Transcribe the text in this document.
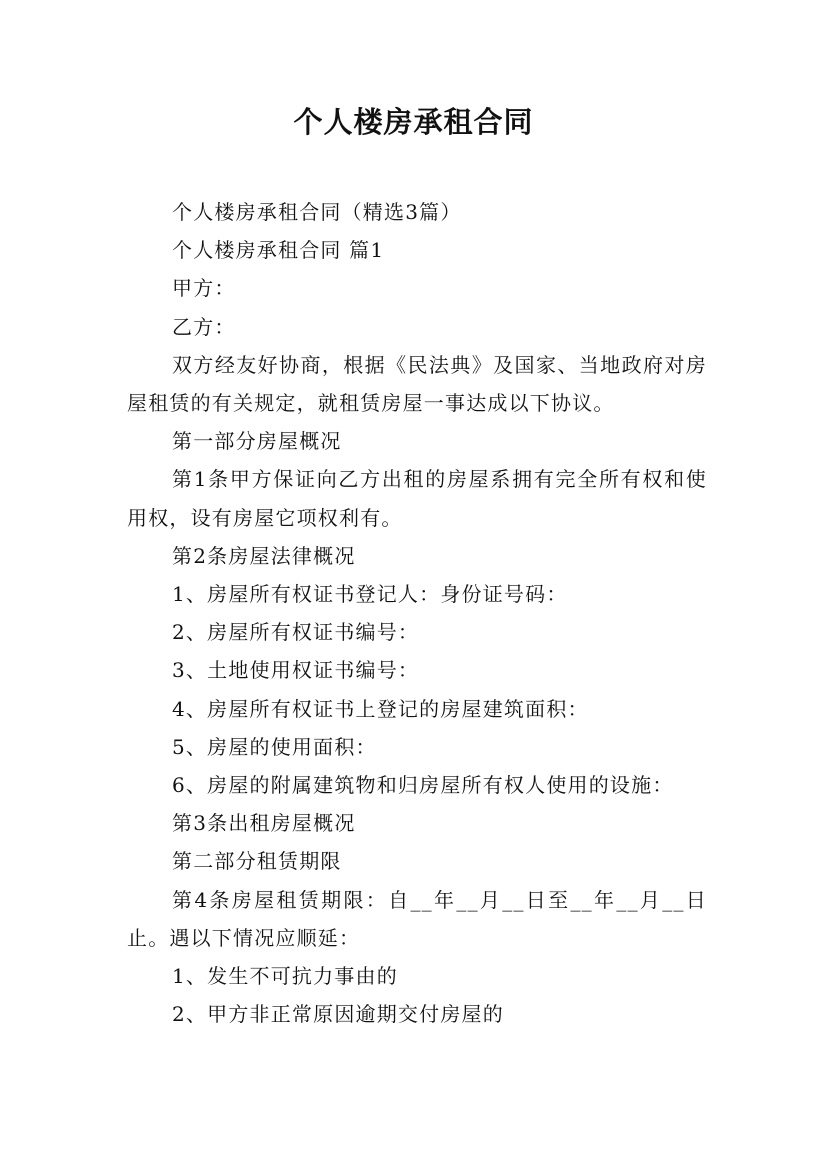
个人楼房承租合同

个人楼房承租合同（精选3篇）

个人楼房承租合同 篇1

甲方：

乙方：

双方经友好协商，根据《民法典》及国家、当地政府对房屋租赁的有关规定，就租赁房屋一事达成以下协议。

第一部分房屋概况

第1条甲方保证向乙方出租的房屋系拥有完全所有权和使用权，设有房屋它项权利有。

第2条房屋法律概况

1、房屋所有权证书登记人：身份证号码：

2、房屋所有权证书编号：

3、土地使用权证书编号：

4、房屋所有权证书上登记的房屋建筑面积：

5、房屋的使用面积：

6、房屋的附属建筑物和归房屋所有权人使用的设施：

第3条出租房屋概况

第二部分租赁期限

第4条房屋租赁期限：自__年__月__日至__年__月__日止。遇以下情况应顺延：

1、发生不可抗力事由的

2、甲方非正常原因逾期交付房屋的
